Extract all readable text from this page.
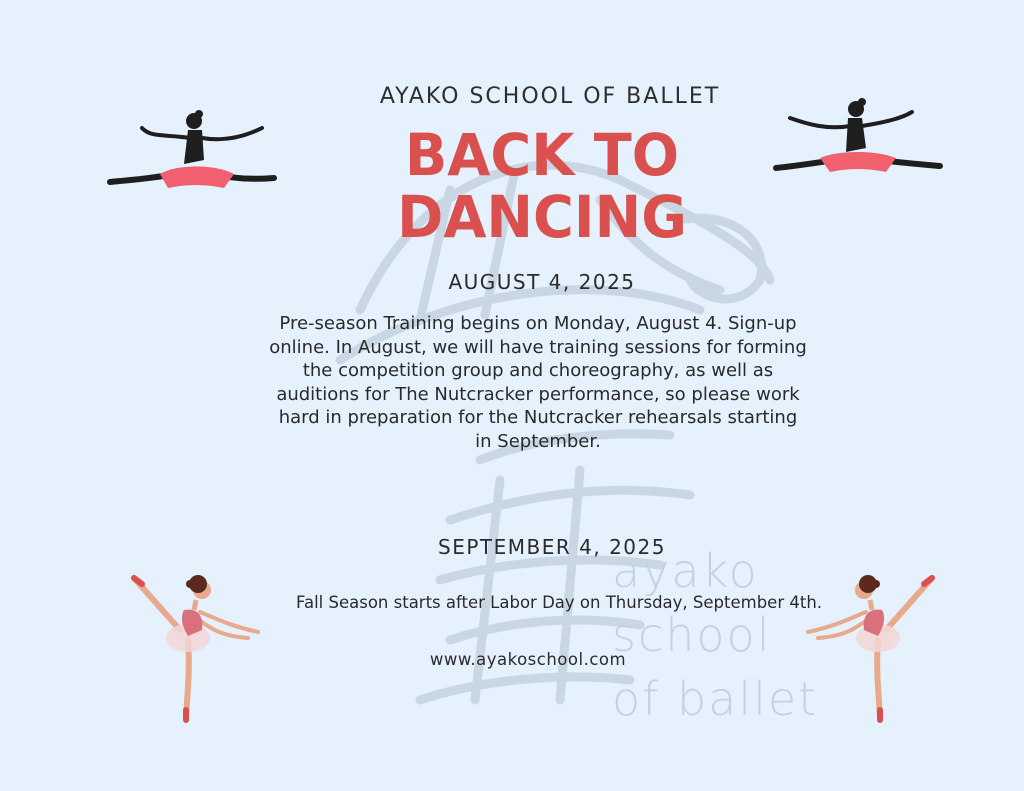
ayako
school
of ballet
AYAKO SCHOOL OF BALLET
BACK TO
DANCING
AUGUST 4, 2025
Pre-season Training begins on Monday, August 4. Sign-up online. In August, we will have training sessions for forming the competition group and choreography, as well as auditions for The Nutcracker performance, so please work hard in preparation for the Nutcracker rehearsals starting in September.
SEPTEMBER 4, 2025
Fall Season starts after Labor Day on Thursday, September 4th.
www.ayakoschool.com
